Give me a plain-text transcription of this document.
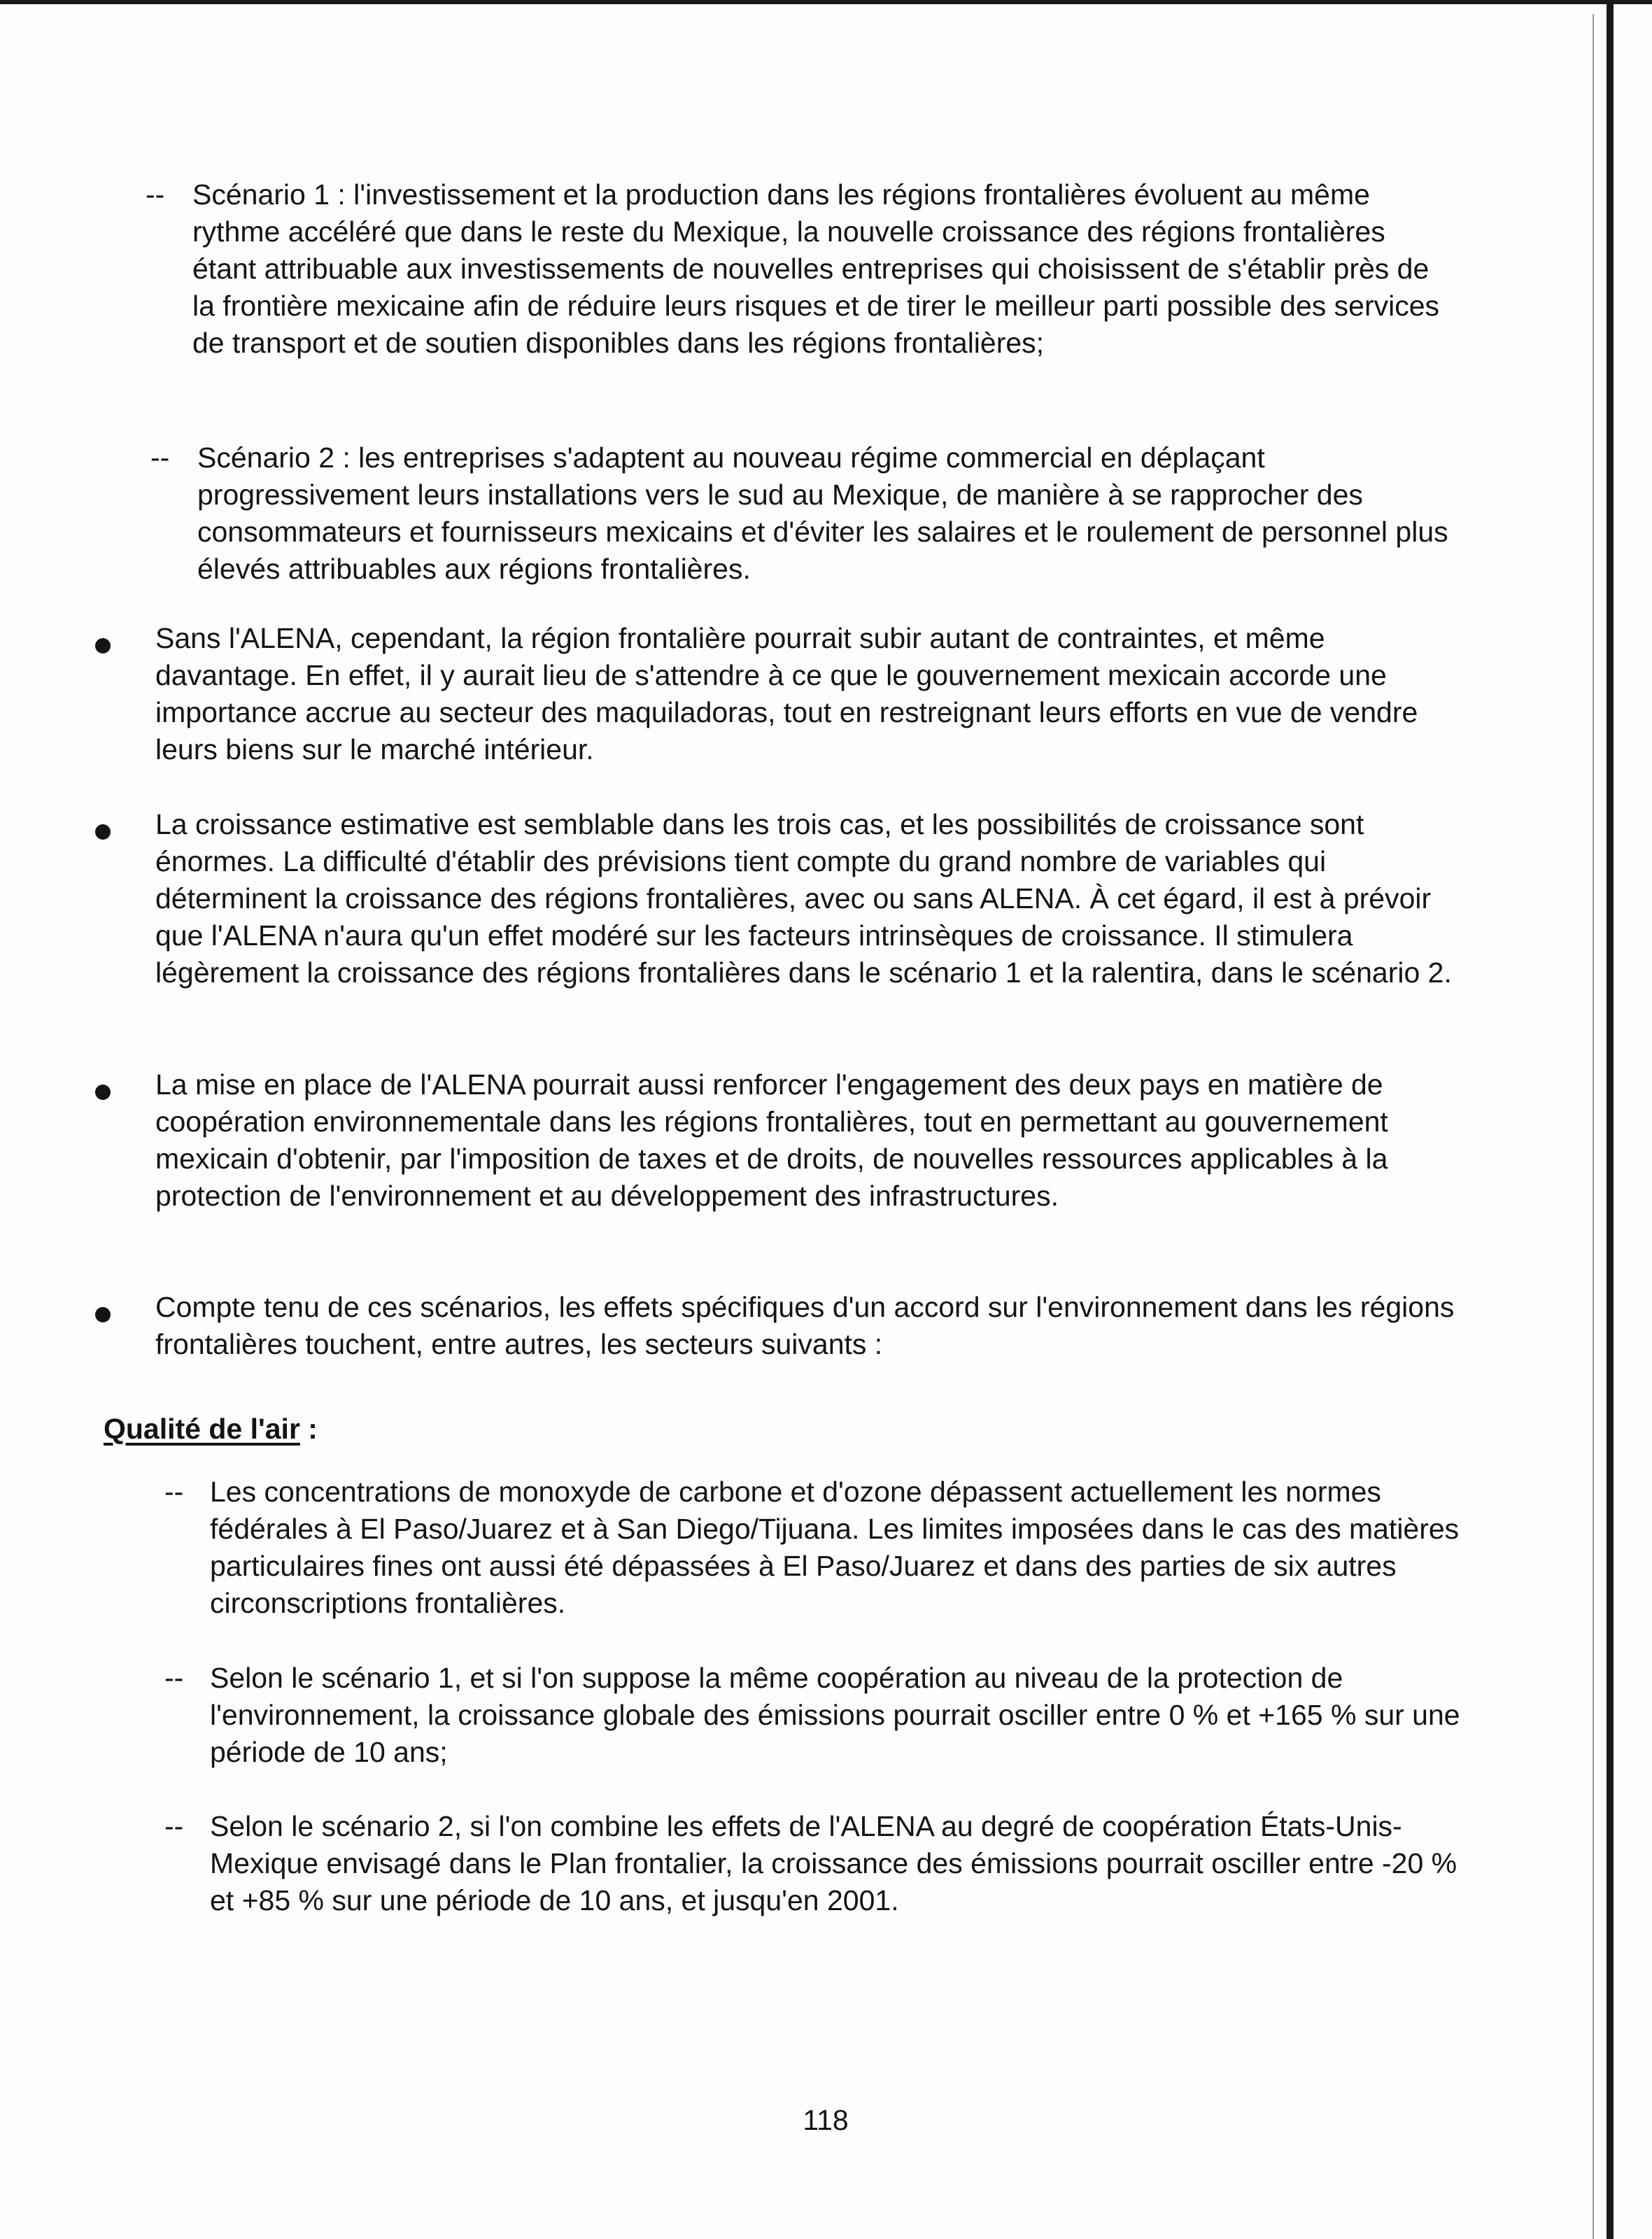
-- Scénario 1 : l'investissement et la production dans les régions frontalières évoluent au même rythme accéléré que dans le reste du Mexique, la nouvelle croissance des régions frontalières étant attribuable aux investissements de nouvelles entreprises qui choisissent de s'établir près de la frontière mexicaine afin de réduire leurs risques et de tirer le meilleur parti possible des services de transport et de soutien disponibles dans les régions frontalières;

-- Scénario 2 : les entreprises s'adaptent au nouveau régime commercial en déplaçant progressivement leurs installations vers le sud au Mexique, de manière à se rapprocher des consommateurs et fournisseurs mexicains et d'éviter les salaires et le roulement de personnel plus élevés attribuables aux régions frontalières.

Sans l'ALENA, cependant, la région frontalière pourrait subir autant de contraintes, et même davantage. En effet, il y aurait lieu de s'attendre à ce que le gouvernement mexicain accorde une importance accrue au secteur des maquiladoras, tout en restreignant leurs efforts en vue de vendre leurs biens sur le marché intérieur.

La croissance estimative est semblable dans les trois cas, et les possibilités de croissance sont énormes. La difficulté d'établir des prévisions tient compte du grand nombre de variables qui déterminent la croissance des régions frontalières, avec ou sans ALENA. À cet égard, il est à prévoir que l'ALENA n'aura qu'un effet modéré sur les facteurs intrinsèques de croissance. Il stimulera légèrement la croissance des régions frontalières dans le scénario 1 et la ralentira, dans le scénario 2.

La mise en place de l'ALENA pourrait aussi renforcer l'engagement des deux pays en matière de coopération environnementale dans les régions frontalières, tout en permettant au gouvernement mexicain d'obtenir, par l'imposition de taxes et de droits, de nouvelles ressources applicables à la protection de l'environnement et au développement des infrastructures.

Compte tenu de ces scénarios, les effets spécifiques d'un accord sur l'environnement dans les régions frontalières touchent, entre autres, les secteurs suivants :

Qualité de l'air :
-- Les concentrations de monoxyde de carbone et d'ozone dépassent actuellement les normes fédérales à El Paso/Juarez et à San Diego/Tijuana. Les limites imposées dans le cas des matières particulaires fines ont aussi été dépassées à El Paso/Juarez et dans des parties de six autres circonscriptions frontalières.

-- Selon le scénario 1, et si l'on suppose la même coopération au niveau de la protection de l'environnement, la croissance globale des émissions pourrait osciller entre 0 % et +165 % sur une période de 10 ans;

-- Selon le scénario 2, si l'on combine les effets de l'ALENA au degré de coopération États-Unis-Mexique envisagé dans le Plan frontalier, la croissance des émissions pourrait osciller entre -20 % et +85 % sur une période de 10 ans, et jusqu'en 2001.

118
